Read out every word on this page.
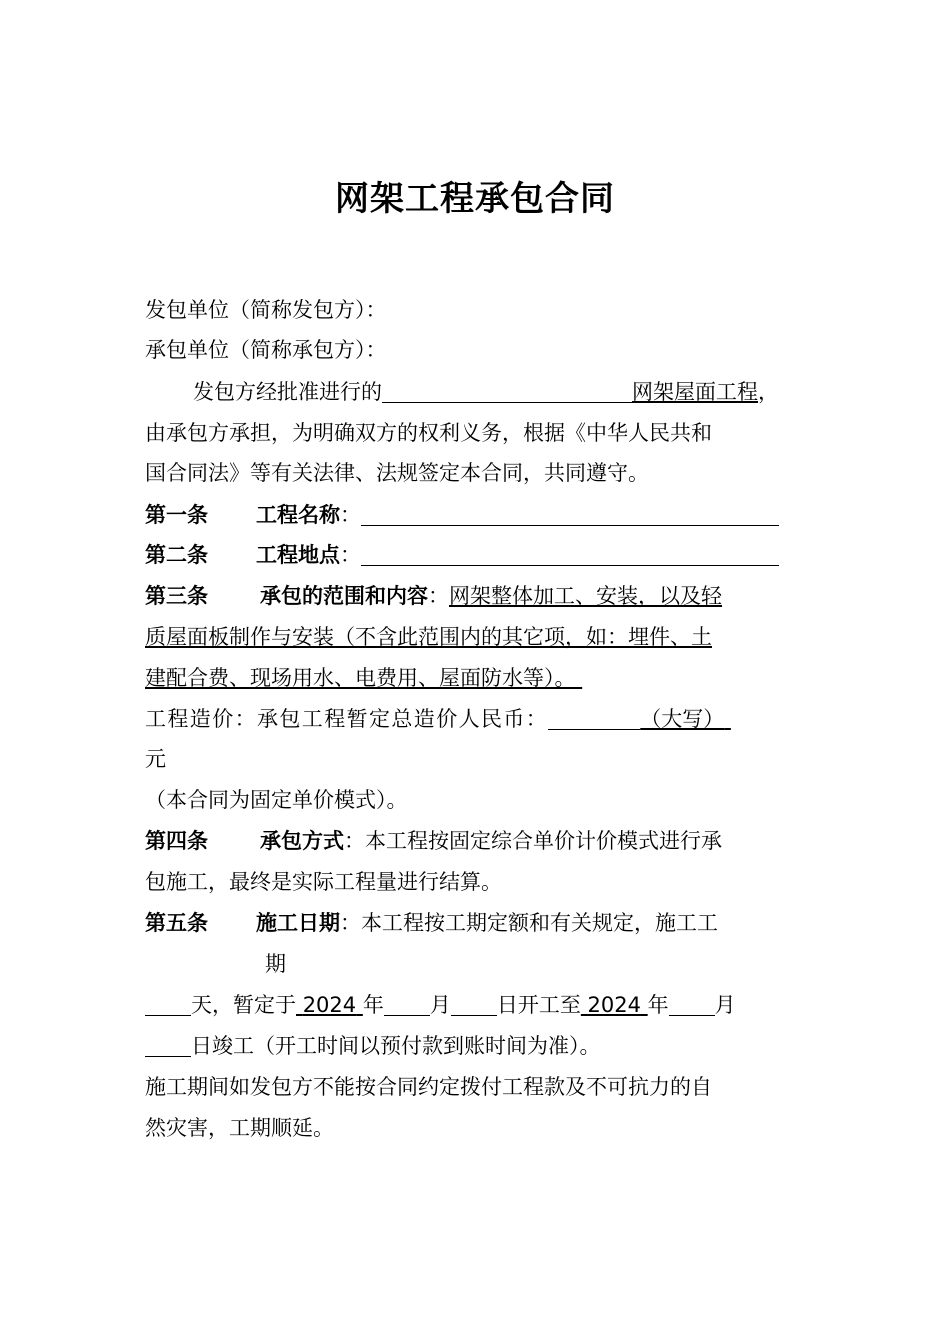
网架工程承包合同
发包单位（简称发包方）：
承包单位（简称承包方）：
发包方经批准进行的	网架屋面工程，
由承包方承担，为明确双方的权利义务，根据《中华人民共和
国合同法》等有关法律、法规签定本合同，共同遵守。
第一条 工程名称：
第二条 工程地点：
第三条 承包的范围和内容：网架整体加工、安装，以及轻
质屋面板制作与安装（不含此范围内的其它项，如：埋件、土
建配合费、现场用水、电费用、屋面防水等）。
工程造价：承包工程暂定总造价人民币：	（大写）
元
（本合同为固定单价模式）。
第四条 承包方式：本工程按固定综合单价计价模式进行承
包施工，最终是实际工程量进行结算。
第五条 施工日期：本工程按工期定额和有关规定，施工工
期
天，暂定于 2024 年 月 日开工至 2024 年 月
日竣工（开工时间以预付款到账时间为准）。
施工期间如发包方不能按合同约定拨付工程款及不可抗力的自
然灾害，工期顺延。
